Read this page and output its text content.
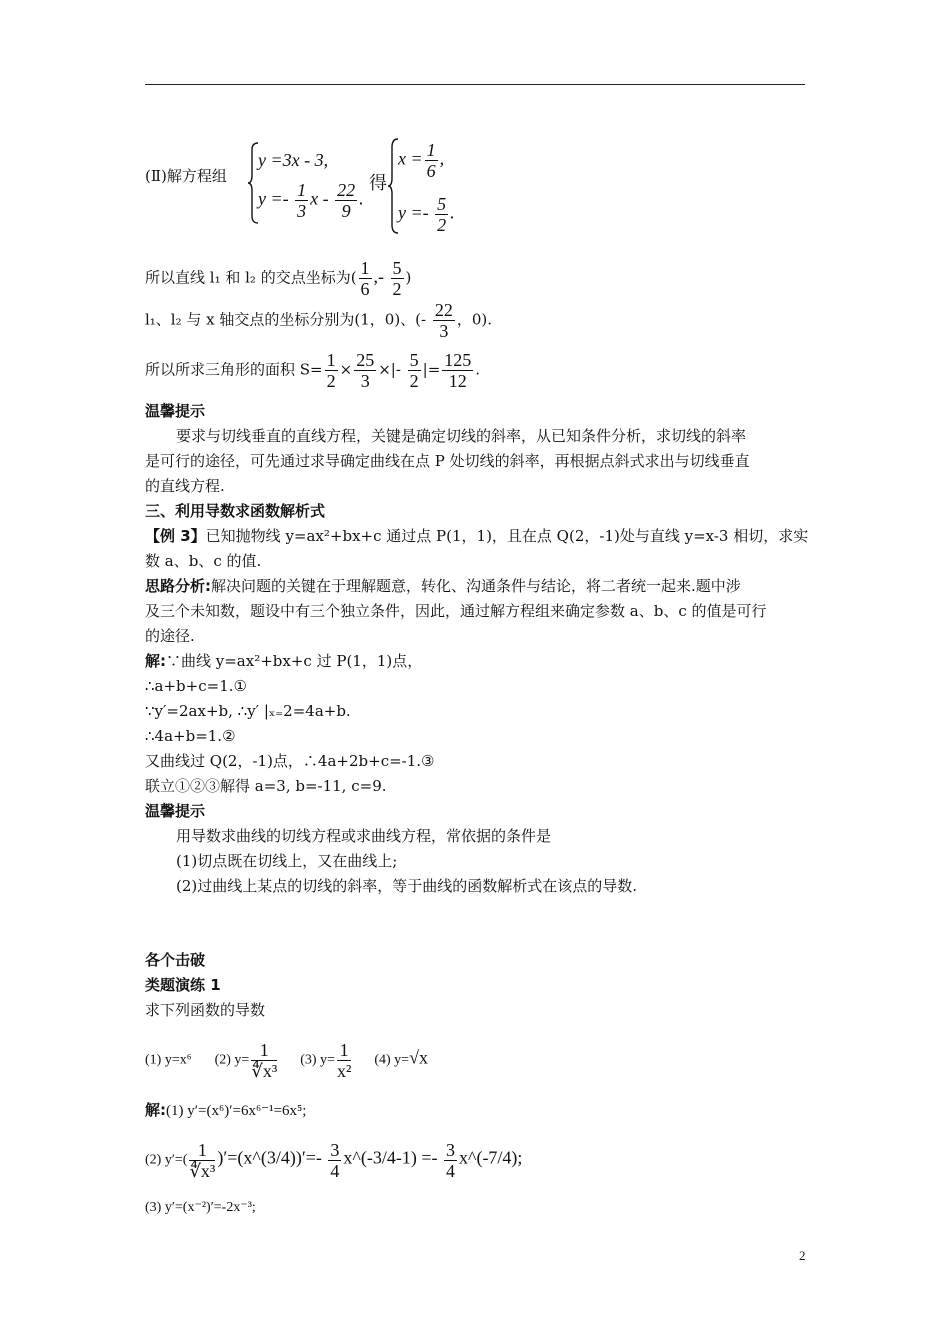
(Ⅱ)解方程组
y =3x - 3,
$y =- \frac{1}{3}$ x - $\frac{22}{9}$ .
得
$x = \frac{1}{6}$ ,
$y =- \frac{5}{2}$ .
所以直线 l₁ 和 l₂ 的交点坐标为( $\frac{1}{6}$ ,- $\frac{5}{2}$ )
l₁、l₂ 与 x 轴交点的坐标分别为(1，0)、(- $\frac{22}{3}$ ，0).
所以所求三角形的面积 $S= \frac{1}{2} \times \frac{25}{3}$ ×|- $\frac{5}{2}$ |= $\frac{125}{12}$ .
温馨提示
要求与切线垂直的直线方程，关键是确定切线的斜率，从已知条件分析，求切线的斜率
是可行的途径，可先通过求导确定曲线在点 P 处切线的斜率，再根据点斜式求出与切线垂直
的直线方程.
三、利用导数求函数解析式
【例 3】已知抛物线 y=ax²+bx+c 通过点 P(1，1)，且在点 Q(2，-1)处与直线 y=x-3 相切，求实
数 a、b、c 的值.
思路分析:解决问题的关键在于理解题意，转化、沟通条件与结论，将二者统一起来.题中涉
及三个未知数，题设中有三个独立条件，因此，通过解方程组来确定参数 a、b、c 的值是可行
的途径.
解:∵曲线 y=ax²+bx+c 过 P(1，1)点，
∴a+b+c=1.①
∵y′=2ax+b, ∴y′ |ₓ₌2=4a+b.
∴4a+b=1.②
又曲线过 Q(2，-1)点，∴4a+2b+c=-1.③
联立①②③解得 a=3, b=-11, c=9.
温馨提示
用导数求曲线的切线方程或求曲线方程，常依据的条件是
(1)切点既在切线上，又在曲线上;
(2)过曲线上某点的切线的斜率，等于曲线的函数解析式在该点的导数.
各个击破
类题演练 1
求下列函数的导数
(1) y=x⁶ (2) $y= \frac{1}{\text{∜x³}} (3)$ $y= \frac{1}{\text{x²}} (4)$ y=√x
解:(1) y′=(x⁶)′=6x⁶⁻¹=6x⁵;
(2) $y'=( \frac{1}{\text{∜x³}}$ )′=(x^(3/4))′=- $\frac{3}{4}$ x^(-3/4-1) =- $\frac{3}{4}$ x^(-7/4);
(3) y′=(x⁻²)′=-2x⁻³;
2
